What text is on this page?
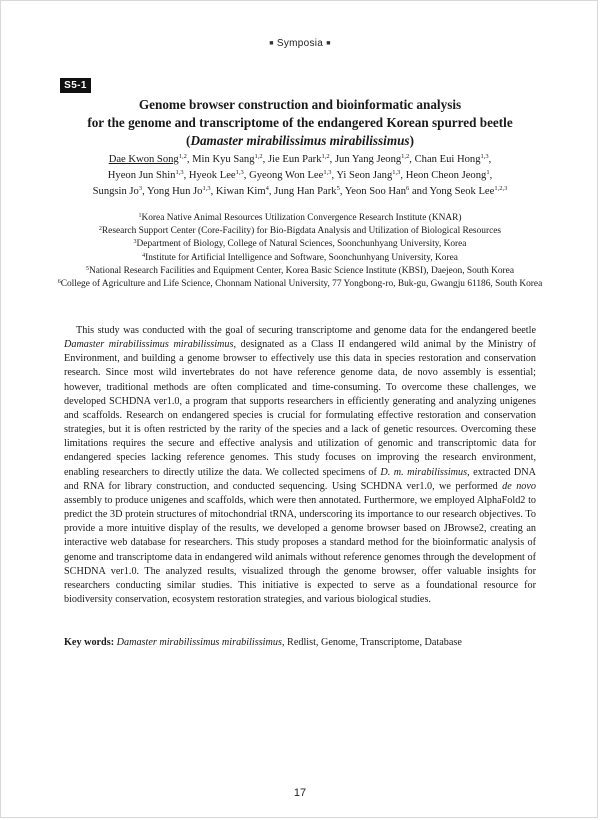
■ Symposia ■
S5-1
Genome browser construction and bioinformatic analysis
for the genome and transcriptome of the endangered Korean spurred beetle
(Damaster mirabilissimus mirabilissimus)
Dae Kwon Song$^{1,2}$, Min Kyu Sang$^{1,2}$, Jie Eun Park$^{1,2}$, Jun Yang Jeong$^{1,2}$, Chan Eui Hong$^{1,3}$,
Hyeon Jun Shin$^{1,3}$, Hyeok Lee$^{1,3}$, Gyeong Won Lee$^{1,3}$, Yi Seon Jang$^{1,3}$, Heon Cheon Jeong$^1$,
Sungsin Jo$^3$, Yong Hun Jo$^{1,3}$, Kiwan Kim$^4$, Jung Han Park$^5$, Yeon Soo Han$^6$ and Yong Seok Lee$^{1,2,3}$
$^1$Korea Native Animal Resources Utilization Convergence Research Institute (KNAR)
$^2$Research Support Center (Core-Facility) for Bio-Bigdata Analysis and Utilization of Biological Resources
$^3$Department of Biology, College of Natural Sciences, Soonchunhyang University, Korea
$^4$Institute for Artificial Intelligence and Software, Soonchunhyang University, Korea
$^5$National Research Facilities and Equipment Center, Korea Basic Science Institute (KBSI), Daejeon, South Korea
$^6$College of Agriculture and Life Science, Chonnam National University, 77 Yongbong-ro, Buk-gu, Gwangju 61186, South Korea

This study was conducted with the goal of securing transcriptome and genome data for the endangered beetle Damaster mirabilissimus mirabilissimus, designated as a Class II endangered wild animal by the Ministry of Environment, and building a genome browser to effectively use this data in species restoration and conservation research. Since most wild invertebrates do not have reference genome data, de novo assembly is essential; however, traditional methods are often complicated and time-consuming. To overcome these challenges, we developed SCHDNA ver1.0, a program that supports researchers in efficiently generating and analyzing unigenes and scaffolds. Research on endangered species is crucial for formulating effective restoration and conservation strategies, but it is often restricted by the rarity of the species and a lack of genetic resources. Overcoming these limitations requires the secure and effective analysis and utilization of genomic and transcriptomic data for endangered species lacking reference genomes. This study focuses on improving the research environment, enabling researchers to directly utilize the data. We collected specimens of D. m. mirabilissimus, extracted DNA and RNA for library construction, and conducted sequencing. Using SCHDNA ver1.0, we performed de novo assembly to produce unigenes and scaffolds, which were then annotated. Furthermore, we employed AlphaFold2 to predict the 3D protein structures of mitochondrial tRNA, underscoring its importance to our research objectives. To provide a more intuitive display of the results, we developed a genome browser based on JBrowse2, creating an interactive web database for researchers. This study proposes a standard method for the bioinformatic analysis of genome and transcriptome data in endangered wild animals without reference genomes through the development of SCHDNA ver1.0. The analyzed results, visualized through the genome browser, offer valuable insights for researchers conducting similar studies. This initiative is expected to serve as a foundational resource for biodiversity conservation, ecosystem restoration strategies, and various biological studies.

Key words: Damaster mirabilissimus mirabilissimus, Redlist, Genome, Transcriptome, Database
17
